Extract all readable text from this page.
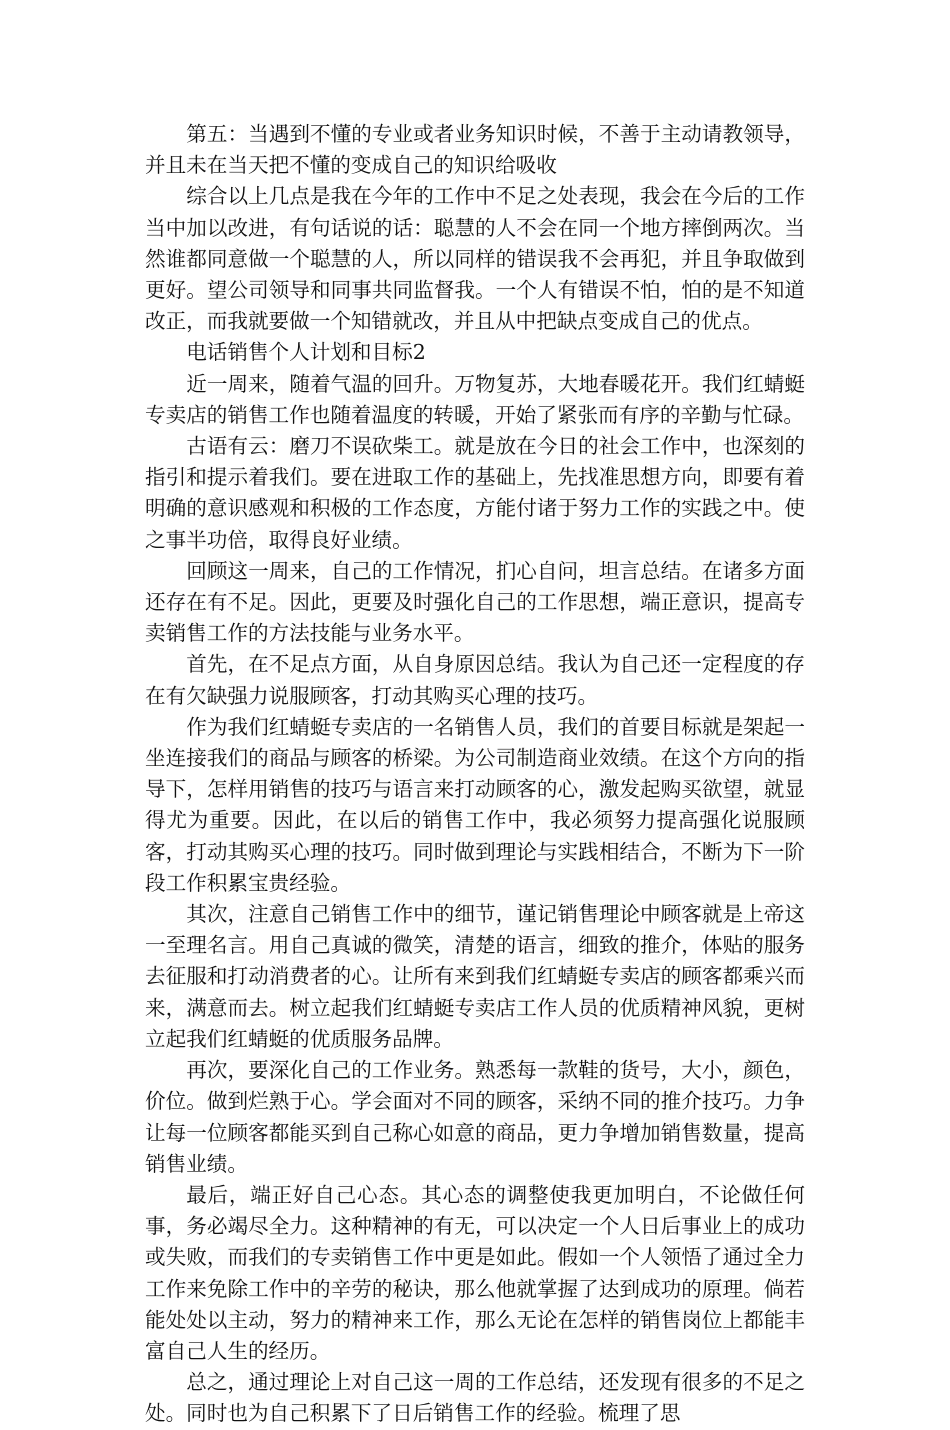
第五：当遇到不懂的专业或者业务知识时候，不善于主动请教领导，并且未在当天把不懂的变成自己的知识给吸收

综合以上几点是我在今年的工作中不足之处表现，我会在今后的工作当中加以改进，有句话说的话：聪慧的人不会在同一个地方摔倒两次。当然谁都同意做一个聪慧的人，所以同样的错误我不会再犯，并且争取做到更好。望公司领导和同事共同监督我。一个人有错误不怕，怕的是不知道改正，而我就要做一个知错就改，并且从中把缺点变成自己的优点。

电话销售个人计划和目标2

近一周来，随着气温的回升。万物复苏，大地春暖花开。我们红蜻蜓专卖店的销售工作也随着温度的转暖，开始了紧张而有序的辛勤与忙碌。

古语有云：磨刀不误砍柴工。就是放在今日的社会工作中，也深刻的指引和提示着我们。要在进取工作的基础上，先找准思想方向，即要有着明确的意识感观和积极的工作态度，方能付诸于努力工作的实践之中。使之事半功倍，取得良好业绩。

回顾这一周来，自己的工作情况，扪心自问，坦言总结。在诸多方面还存在有不足。因此，更要及时强化自己的工作思想，端正意识，提高专卖销售工作的方法技能与业务水平。

首先，在不足点方面，从自身原因总结。我认为自己还一定程度的存在有欠缺强力说服顾客，打动其购买心理的技巧。

作为我们红蜻蜓专卖店的一名销售人员，我们的首要目标就是架起一坐连接我们的商品与顾客的桥梁。为公司制造商业效绩。在这个方向的指导下，怎样用销售的技巧与语言来打动顾客的心，激发起购买欲望，就显得尤为重要。因此，在以后的销售工作中，我必须努力提高强化说服顾客，打动其购买心理的技巧。同时做到理论与实践相结合，不断为下一阶段工作积累宝贵经验。

其次，注意自己销售工作中的细节，谨记销售理论中顾客就是上帝这一至理名言。用自己真诚的微笑，清楚的语言，细致的推介，体贴的服务去征服和打动消费者的心。让所有来到我们红蜻蜓专卖店的顾客都乘兴而来，满意而去。树立起我们红蜻蜓专卖店工作人员的优质精神风貌，更树立起我们红蜻蜓的优质服务品牌。

再次，要深化自己的工作业务。熟悉每一款鞋的货号，大小，颜色，价位。做到烂熟于心。学会面对不同的顾客，采纳不同的推介技巧。力争让每一位顾客都能买到自己称心如意的商品，更力争增加销售数量，提高销售业绩。

最后，端正好自己心态。其心态的调整使我更加明白，不论做任何事，务必竭尽全力。这种精神的有无，可以决定一个人日后事业上的成功或失败，而我们的专卖销售工作中更是如此。假如一个人领悟了通过全力工作来免除工作中的辛劳的秘诀，那么他就掌握了达到成功的原理。倘若能处处以主动，努力的精神来工作，那么无论在怎样的销售岗位上都能丰富自己人生的经历。

总之，通过理论上对自己这一周的工作总结，还发现有很多的不足之处。同时也为自己积累下了日后销售工作的经验。梳理了思
